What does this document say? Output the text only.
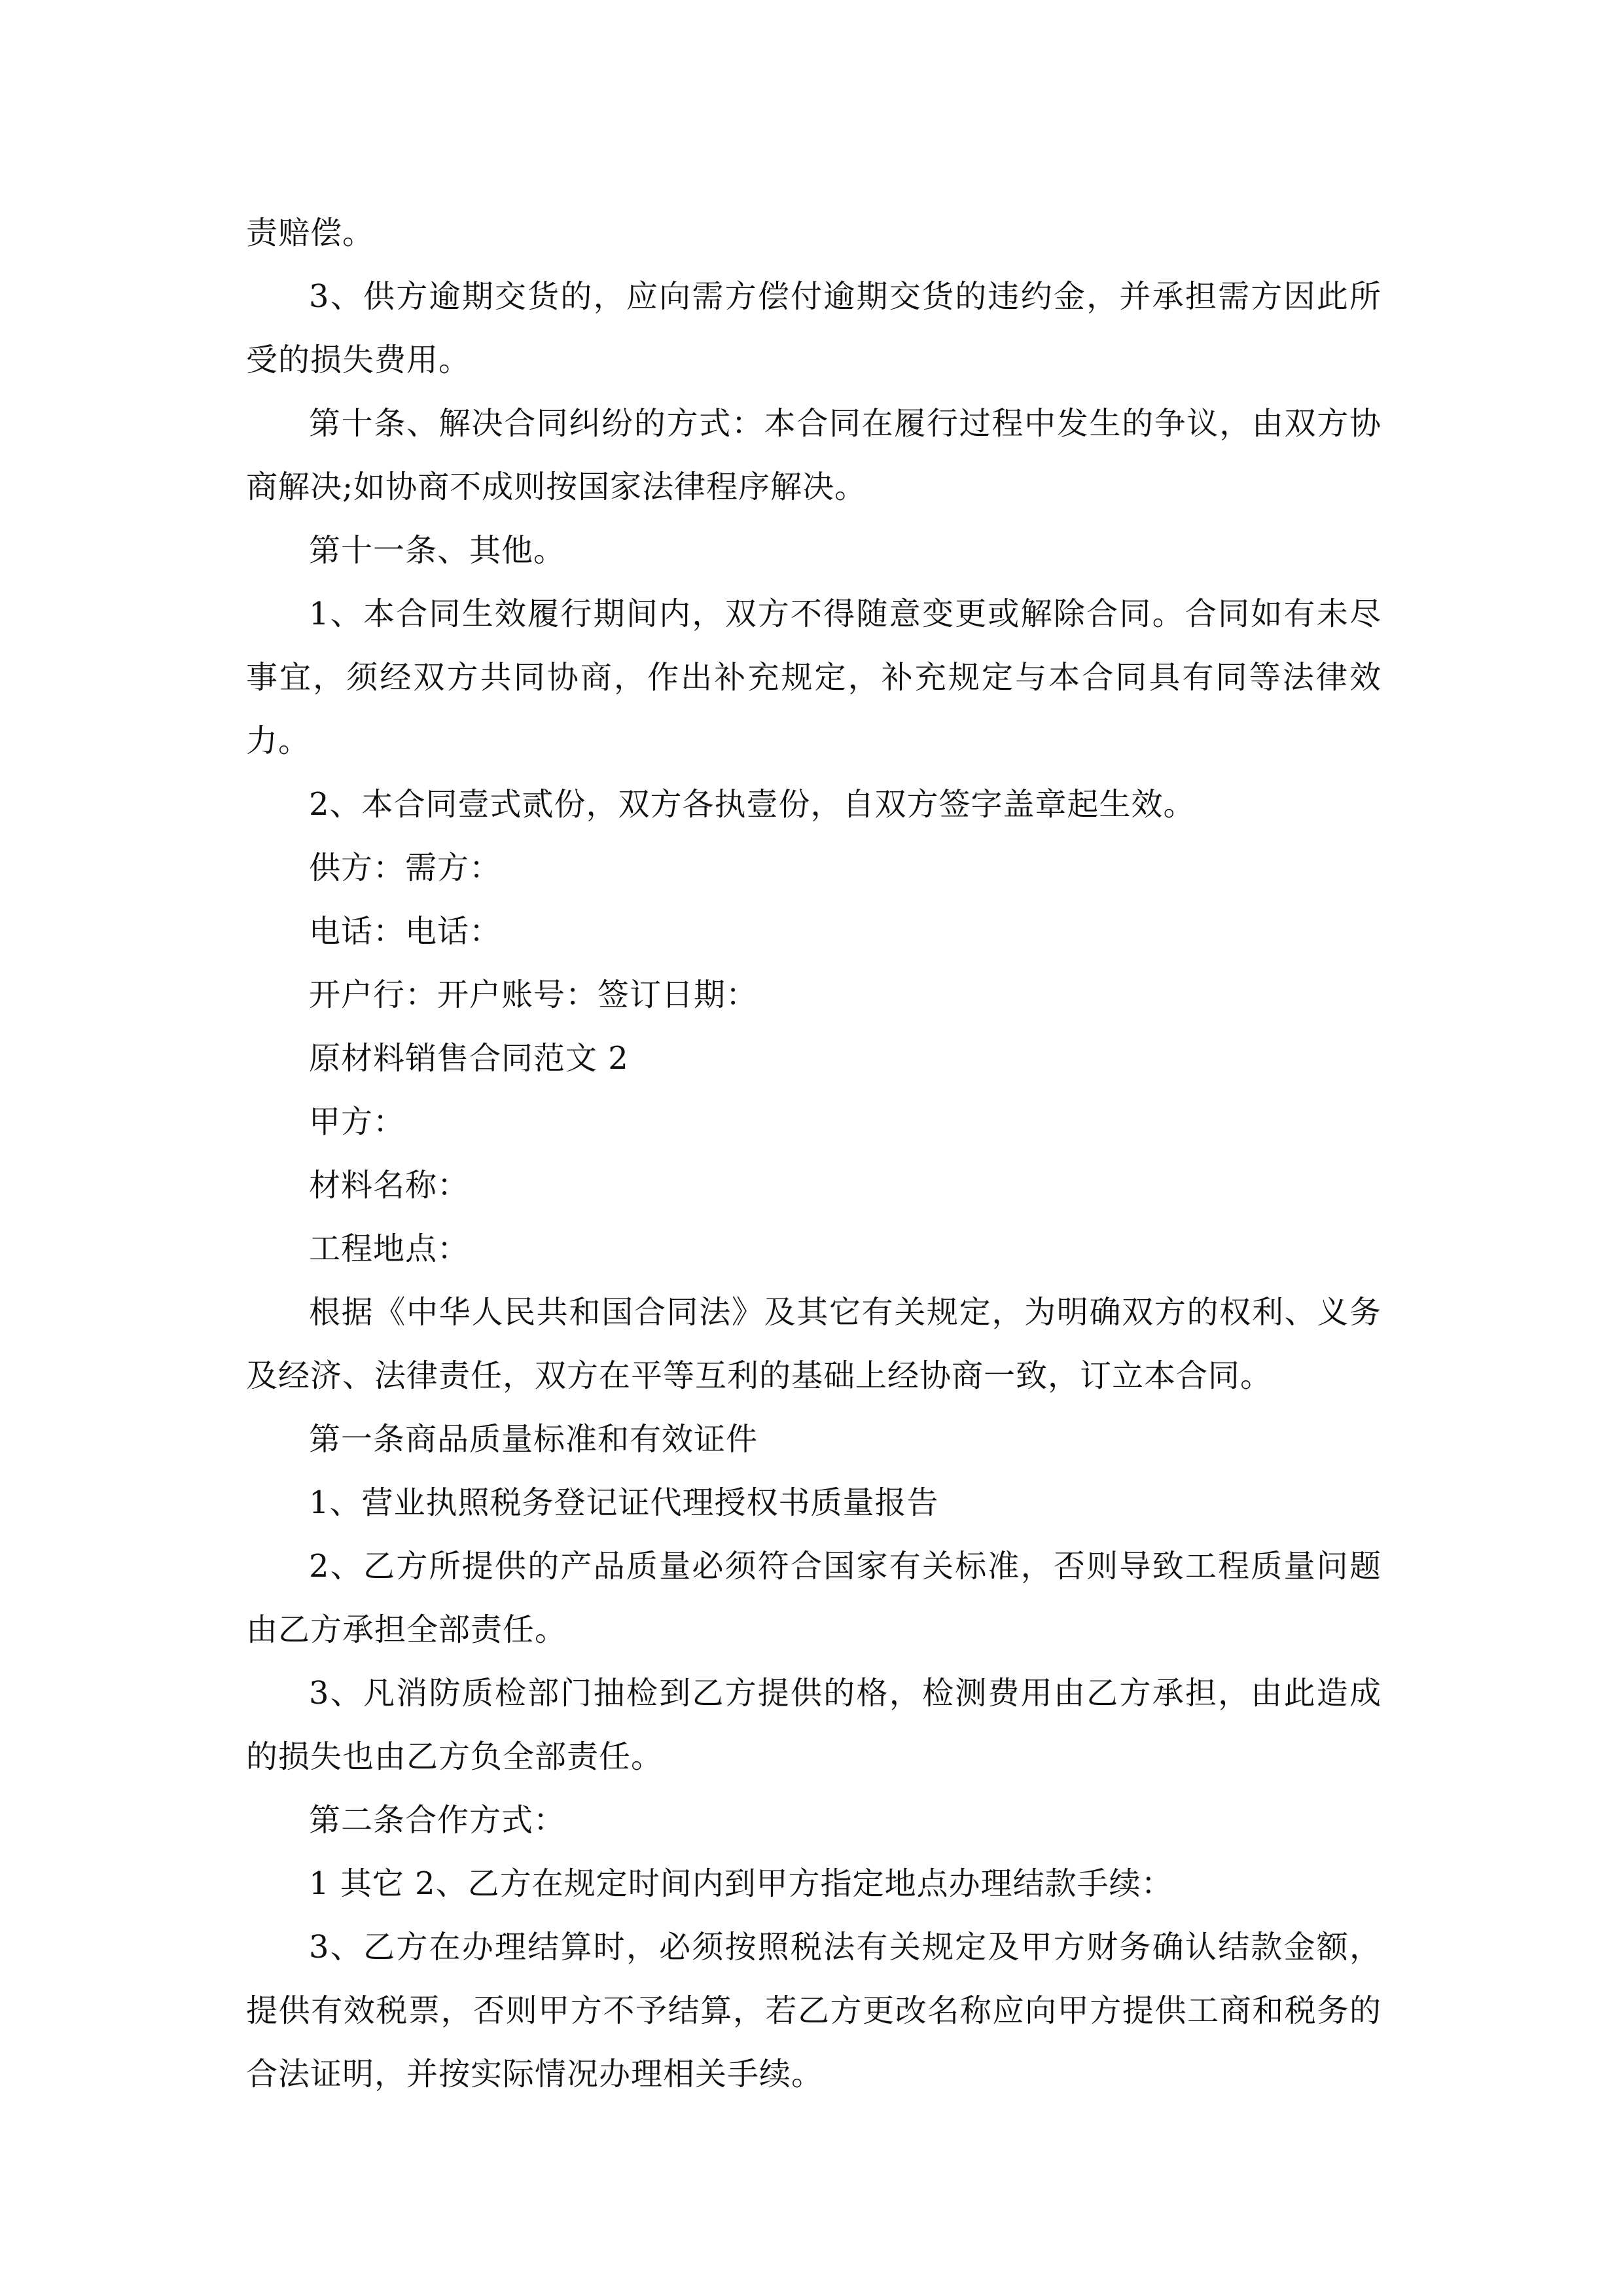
责赔偿。

3、供方逾期交货的，应向需方偿付逾期交货的违约金，并承担需方因此所受的损失费用。

第十条、解决合同纠纷的方式：本合同在履行过程中发生的争议，由双方协商解决;如协商不成则按国家法律程序解决。

第十一条、其他。

1、本合同生效履行期间内，双方不得随意变更或解除合同。合同如有未尽事宜，须经双方共同协商，作出补充规定，补充规定与本合同具有同等法律效力。

2、本合同壹式贰份，双方各执壹份，自双方签字盖章起生效。

供方：需方：

电话：电话：

开户行：开户账号：签订日期：

原材料销售合同范文 2

甲方：

材料名称：

工程地点：

根据《中华人民共和国合同法》及其它有关规定，为明确双方的权利、义务及经济、法律责任，双方在平等互利的基础上经协商一致，订立本合同。

第一条商品质量标准和有效证件

1、营业执照税务登记证代理授权书质量报告

2、乙方所提供的产品质量必须符合国家有关标准，否则导致工程质量问题由乙方承担全部责任。

3、凡消防质检部门抽检到乙方提供的格，检测费用由乙方承担，由此造成的损失也由乙方负全部责任。

第二条合作方式：

1 其它 2、乙方在规定时间内到甲方指定地点办理结款手续：

3、乙方在办理结算时，必须按照税法有关规定及甲方财务确认结款金额，提供有效税票，否则甲方不予结算，若乙方更改名称应向甲方提供工商和税务的合法证明，并按实际情况办理相关手续。
